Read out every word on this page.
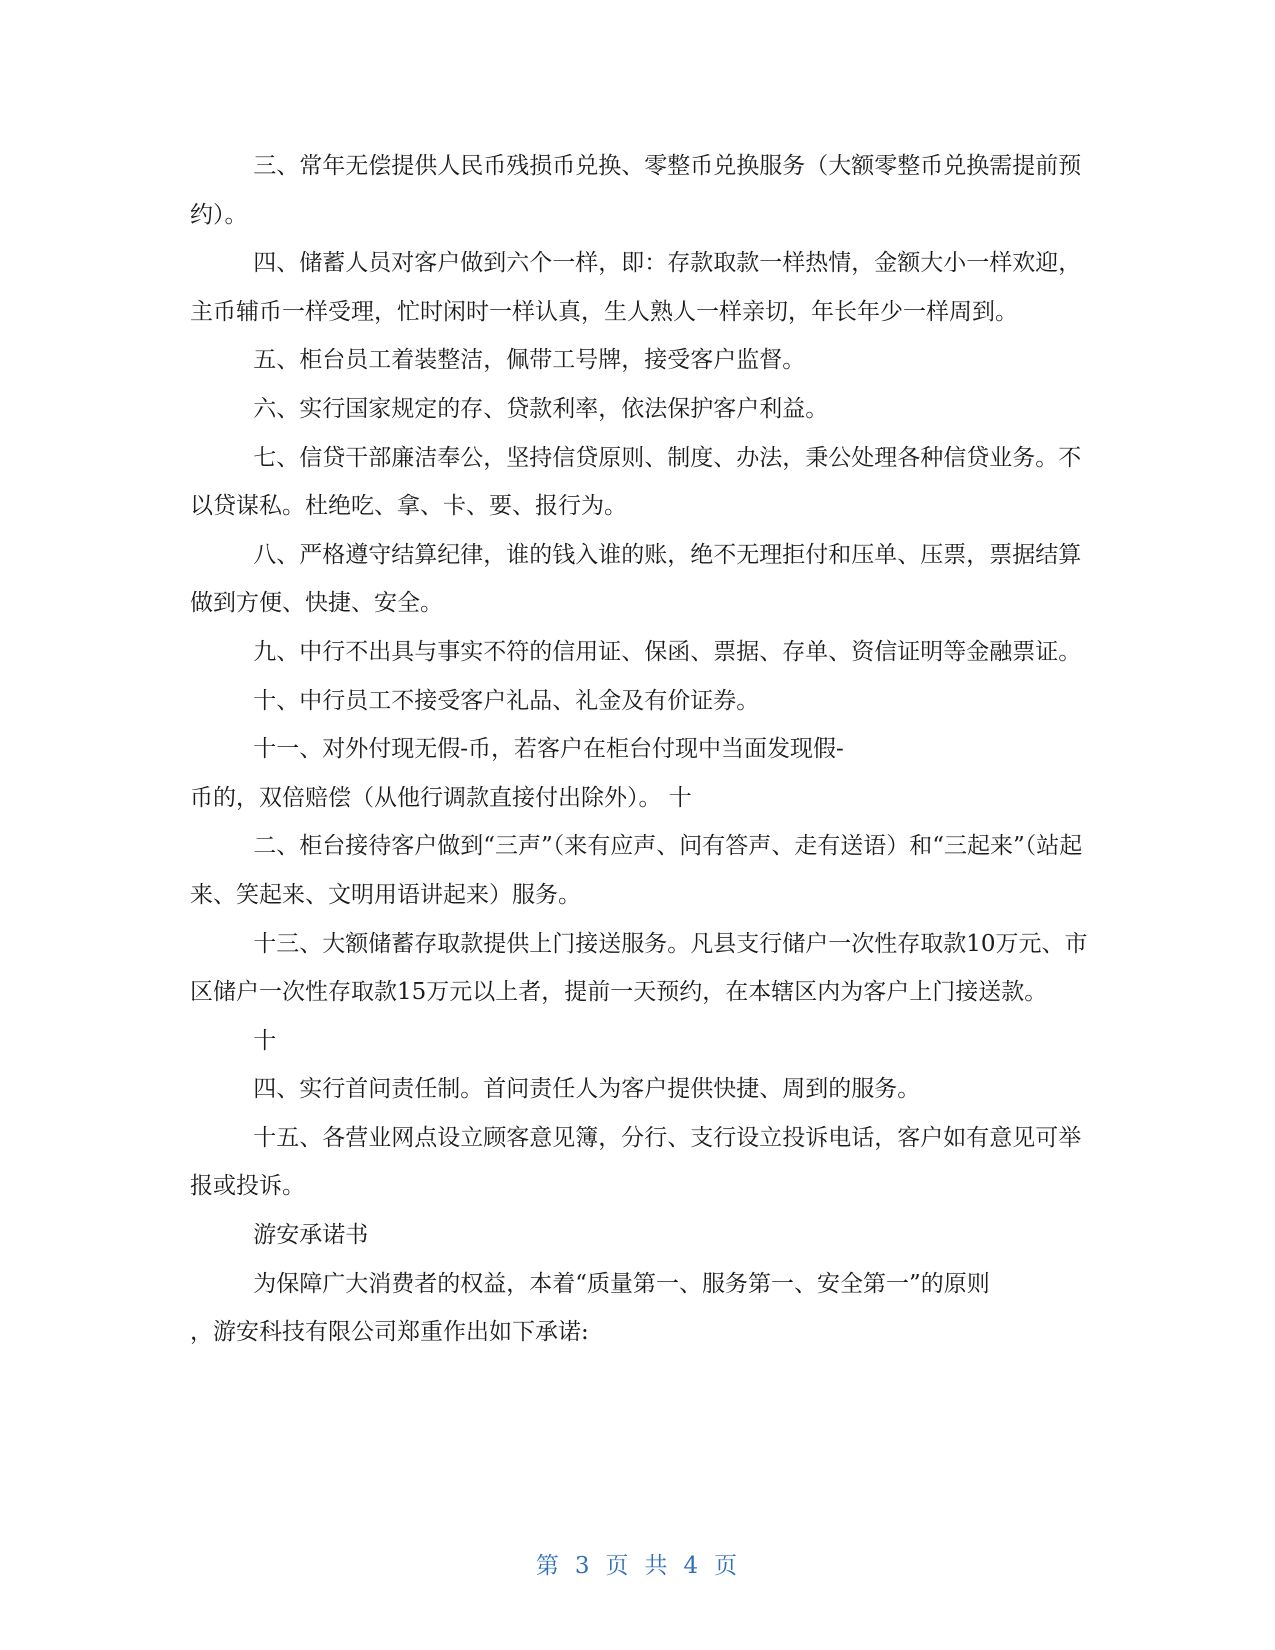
三、常年无偿提供人民币残损币兑换、零整币兑换服务（大额零整币兑换需提前预约）。

四、储蓄人员对客户做到六个一样，即：存款取款一样热情，金额大小一样欢迎，主币辅币一样受理，忙时闲时一样认真，生人熟人一样亲切，年长年少一样周到。

五、柜台员工着装整洁，佩带工号牌，接受客户监督。

六、实行国家规定的存、贷款利率，依法保护客户利益。

七、信贷干部廉洁奉公，坚持信贷原则、制度、办法，秉公处理各种信贷业务。不以贷谋私。杜绝吃、拿、卡、要、报行为。

八、严格遵守结算纪律，谁的钱入谁的账，绝不无理拒付和压单、压票，票据结算做到方便、快捷、安全。

九、中行不出具与事实不符的信用证、保函、票据、存单、资信证明等金融票证。

十、中行员工不接受客户礼品、礼金及有价证券。

十一、对外付现无假-币，若客户在柜台付现中当面发现假-

币的，双倍赔偿（从他行调款直接付出除外）。 十

二、柜台接待客户做到“三声”（来有应声、问有答声、走有送语）和“三起来”（站起来、笑起来、文明用语讲起来）服务。

十三、大额储蓄存取款提供上门接送服务。凡县支行储户一次性存取款10万元、市区储户一次性存取款15万元以上者，提前一天预约，在本辖区内为客户上门接送款。

十

四、实行首问责任制。首问责任人为客户提供快捷、周到的服务。

十五、各营业网点设立顾客意见簿，分行、支行设立投诉电话，客户如有意见可举报或投诉。

游安承诺书

为保障广大消费者的权益，本着“质量第一、服务第一、安全第一”的原则

，游安科技有限公司郑重作出如下承诺:

第 3 页 共 4 页
